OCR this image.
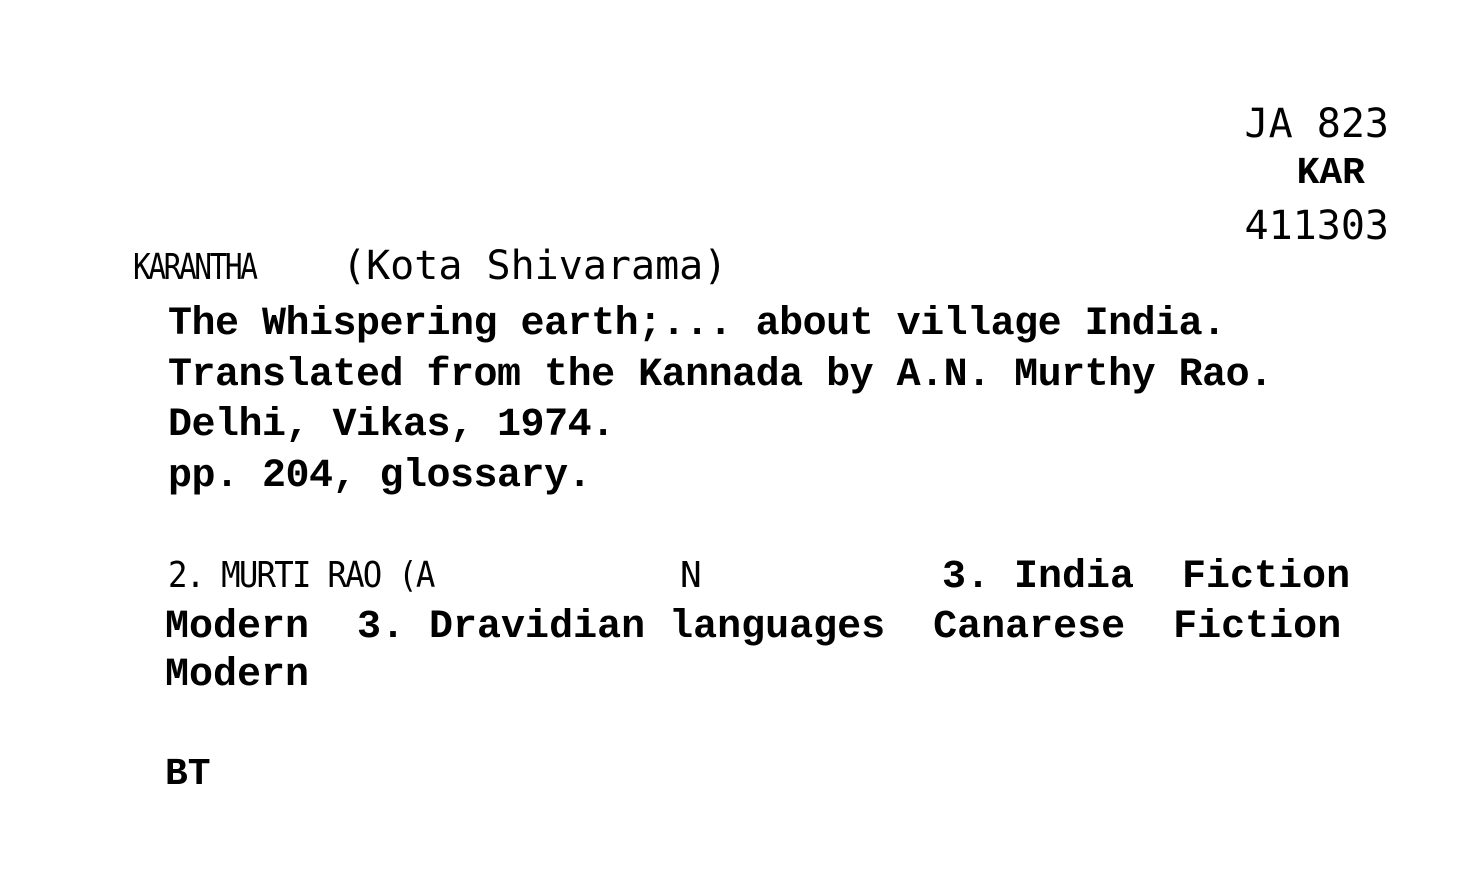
JA 823
KAR
411303
KARANTHA (Kota Shivarama)
The Whispering earth;... about village India.
Translated from the Kannada by A.N. Murthy Rao.
Delhi, Vikas, 1974.
pp. 204, glossary.
2. MURTI RAO (A	N	3. India  Fiction
Modern  3. Dravidian languages  Canarese  Fiction
Modern
BT
